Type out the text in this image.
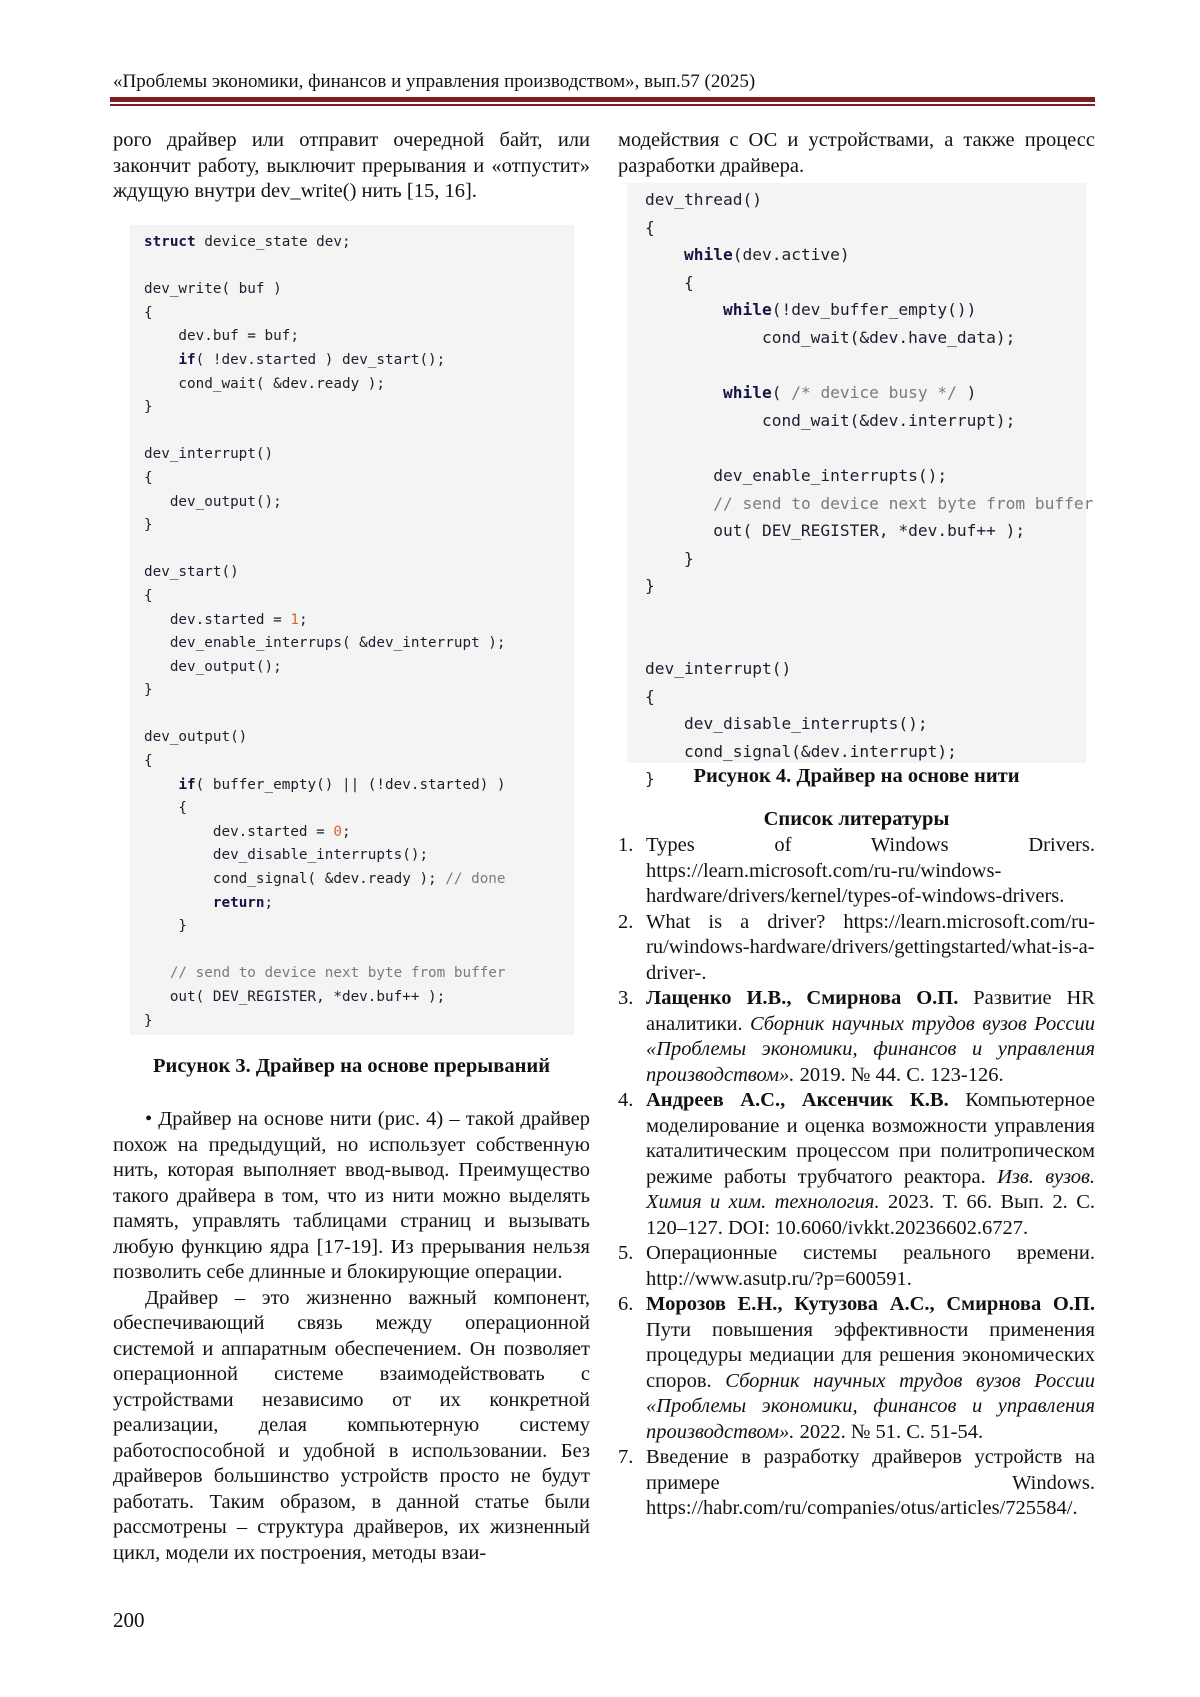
«Проблемы экономики, финансов и управления производством», вып.57 (2025)

рого драйвер или отправит очередной байт, или закончит работу, выключит прерывания и «отпустит» ждущую внутри dev_write() нить [15, 16].

struct device_state dev;

dev_write( buf )
{
dev.buf = buf;
if( !dev.started ) dev_start();
cond_wait( &dev.ready );
}

dev_interrupt()
{
dev_output();
}

dev_start()
{
dev.started = 1;
dev_enable_interrups( &dev_interrupt );
dev_output();
}

dev_output()
{
if( buffer_empty() || (!dev.started) )
{
dev.started = 0;
dev_disable_interrupts();
cond_signal( &dev.ready ); // done
return;
}

// send to device next byte from buffer
out( DEV_REGISTER, *dev.buf++ );
}
Рисунок 3. Драйвер на основе прерываний

• Драйвер на основе нити (рис. 4) – такой драйвер похож на предыдущий, но использует собственную нить, которая выполняет ввод-вывод. Преимущество такого драйвера в том, что из нити можно выделять память, управлять таблицами страниц и вызывать любую функцию ядра [17-19]. Из прерывания нельзя позволить себе длинные и блокирующие операции.

Драйвер – это жизненно важный компонент, обеспечивающий связь между операционной системой и аппаратным обеспечением. Он позволяет операционной системе взаимодействовать с устройствами независимо от их конкретной реализации, делая компьютерную систему работоспособной и удобной в использовании. Без драйверов большинство устройств просто не будут работать. Таким образом, в данной статье были рассмотрены – структура драйверов, их жизненный цикл, модели их построения, методы взаи-

модействия с ОС и устройствами, а также процесс разработки драйвера.

dev_thread()
{
while(dev.active)
{
while(!dev_buffer_empty())
cond_wait(&dev.have_data);

while( /* device busy */ )
cond_wait(&dev.interrupt);

dev_enable_interrupts();
// send to device next byte from buffer
out( DEV_REGISTER, *dev.buf++ );
}
}

dev_interrupt()
{
dev_disable_interrupts();
cond_signal(&dev.interrupt);
}	Рисунок 4. Драйвер на основе нити
Список литературы
1. Types of Windows Drivers. https://learn.microsoft.com/ru-ru/windows-hardware/drivers/kernel/types-of-windows-drivers.
2. What is a driver? https://learn.microsoft.com/ru-ru/windows-hardware/drivers/gettingstarted/what-is-a-driver-.
3. Лащенко И.В., Смирнова О.П. Развитие HR аналитики. Сборник научных трудов вузов России «Проблемы экономики, финансов и управления производством». 2019. № 44. С. 123-126.
4. Андреев А.С., Аксенчик К.В. Компьютерное моделирование и оценка возможности управления каталитическим процессом при политропическом режиме работы трубчатого реактора. Изв. вузов. Химия и хим. технология. 2023. Т. 66. Вып. 2. С. 120–127. DOI: 10.6060/ivkkt.20236602.6727.
5. Операционные системы реального времени. http://www.asutp.ru/?p=600591.
6. Морозов Е.Н., Кутузова А.С., Смирнова О.П. Пути повышения эффективности применения процедуры медиации для решения экономических споров. Сборник научных трудов вузов России «Проблемы экономики, финансов и управления производством». 2022. № 51. С. 51-54.
7. Введение в разработку драйверов устройств на примере Windows. https://habr.com/ru/companies/otus/articles/725584/.
200
